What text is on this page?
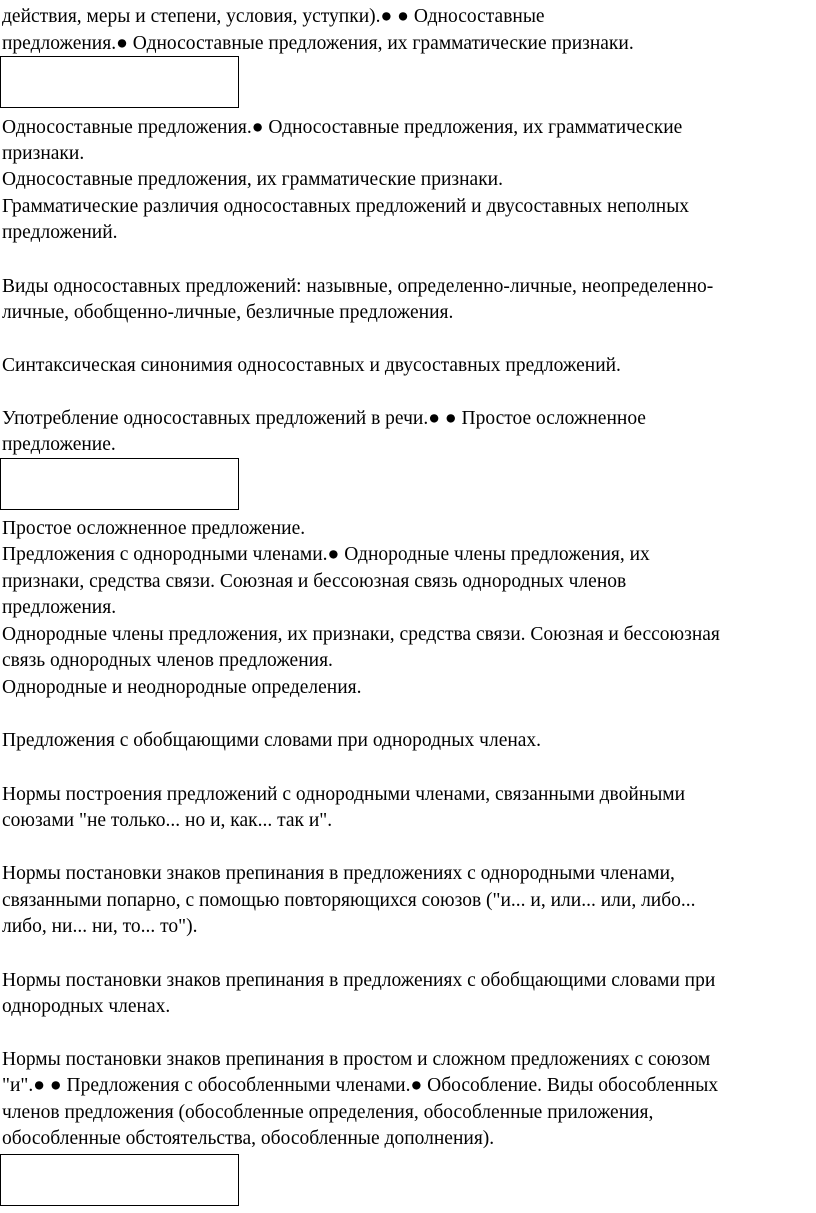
действия, меры и степени, условия, уступки).● ● Односоставные
предложения.● Односоставные предложения, их грамматические признаки.
Односоставные предложения.● Односоставные предложения, их грамматические
признаки.
Односоставные предложения, их грамматические признаки.
Грамматические различия односоставных предложений и двусоставных неполных
предложений.
Виды односоставных предложений: назывные, определенно-личные, неопределенно-
личные, обобщенно-личные, безличные предложения.
Синтаксическая синонимия односоставных и двусоставных предложений.
Употребление односоставных предложений в речи.● ● Простое осложненное
предложение.
Простое осложненное предложение.
Предложения с однородными членами.● Однородные члены предложения, их
признаки, средства связи. Союзная и бессоюзная связь однородных членов
предложения.
Однородные члены предложения, их признаки, средства связи. Союзная и бессоюзная
связь однородных членов предложения.
Однородные и неоднородные определения.
Предложения с обобщающими словами при однородных членах.
Нормы построения предложений с однородными членами, связанными двойными
союзами "не только... но и, как... так и".
Нормы постановки знаков препинания в предложениях с однородными членами,
связанными попарно, с помощью повторяющихся союзов ("и... и, или... или, либо...
либо, ни... ни, то... то").
Нормы постановки знаков препинания в предложениях с обобщающими словами при
однородных членах.
Нормы постановки знаков препинания в простом и сложном предложениях с союзом
"и".● ● Предложения с обособленными членами.● Обособление. Виды обособленных
членов предложения (обособленные определения, обособленные приложения,
обособленные обстоятельства, обособленные дополнения).
